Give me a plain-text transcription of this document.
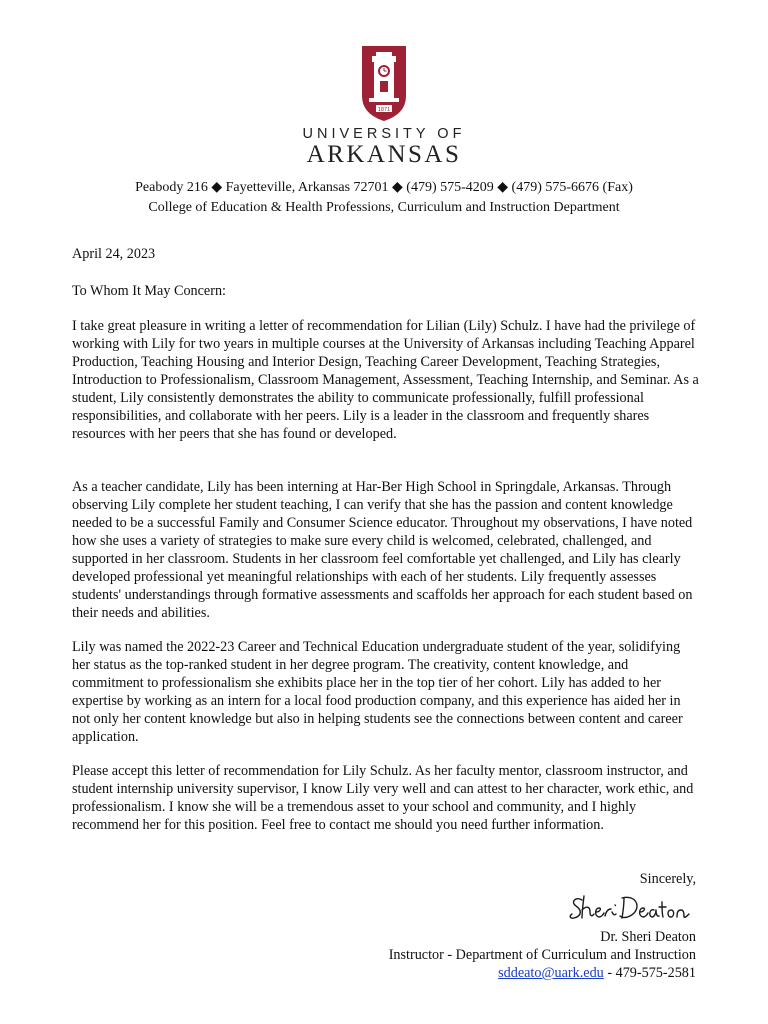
1871
UNIVERSITY OF
ARKANSAS
Peabody 216 ◆ Fayetteville, Arkansas 72701 ◆ (479) 575-4209 ◆ (479) 575-6676 (Fax)
College of Education & Health Professions, Curriculum and Instruction Department
April 24, 2023
To Whom It May Concern:
I take great pleasure in writing a letter of recommendation for Lilian (Lily) Schulz. I have had the privilege of working with Lily for two years in multiple courses at the University of Arkansas including Teaching Apparel Production, Teaching Housing and Interior Design, Teaching Career Development, Teaching Strategies, Introduction to Professionalism, Classroom Management, Assessment, Teaching Internship, and Seminar. As a student, Lily consistently demonstrates the ability to communicate professionally, fulfill professional responsibilities, and collaborate with her peers. Lily is a leader in the classroom and frequently shares resources with her peers that she has found or developed.
As a teacher candidate, Lily has been interning at Har-Ber High School in Springdale, Arkansas. Through observing Lily complete her student teaching, I can verify that she has the passion and content knowledge needed to be a successful Family and Consumer Science educator. Throughout my observations, I have noted how she uses a variety of strategies to make sure every child is welcomed, celebrated, challenged, and supported in her classroom. Students in her classroom feel comfortable yet challenged, and Lily has clearly developed professional yet meaningful relationships with each of her students. Lily frequently assesses students' understandings through formative assessments and scaffolds her approach for each student based on their needs and abilities.
Lily was named the 2022-23 Career and Technical Education undergraduate student of the year, solidifying her status as the top-ranked student in her degree program. The creativity, content knowledge, and commitment to professionalism she exhibits place her in the top tier of her cohort. Lily has added to her expertise by working as an intern for a local food production company, and this experience has aided her in not only her content knowledge but also in helping students see the connections between content and career application.
Please accept this letter of recommendation for Lily Schulz. As her faculty mentor, classroom instructor, and student internship university supervisor, I know Lily very well and can attest to her character, work ethic, and professionalism. I know she will be a tremendous asset to your school and community, and I highly recommend her for this position. Feel free to contact me should you need further information.
Sincerely,
Dr. Sheri Deaton
Instructor - Department of Curriculum and Instruction
sddeato@uark.edu - 479-575-2581
